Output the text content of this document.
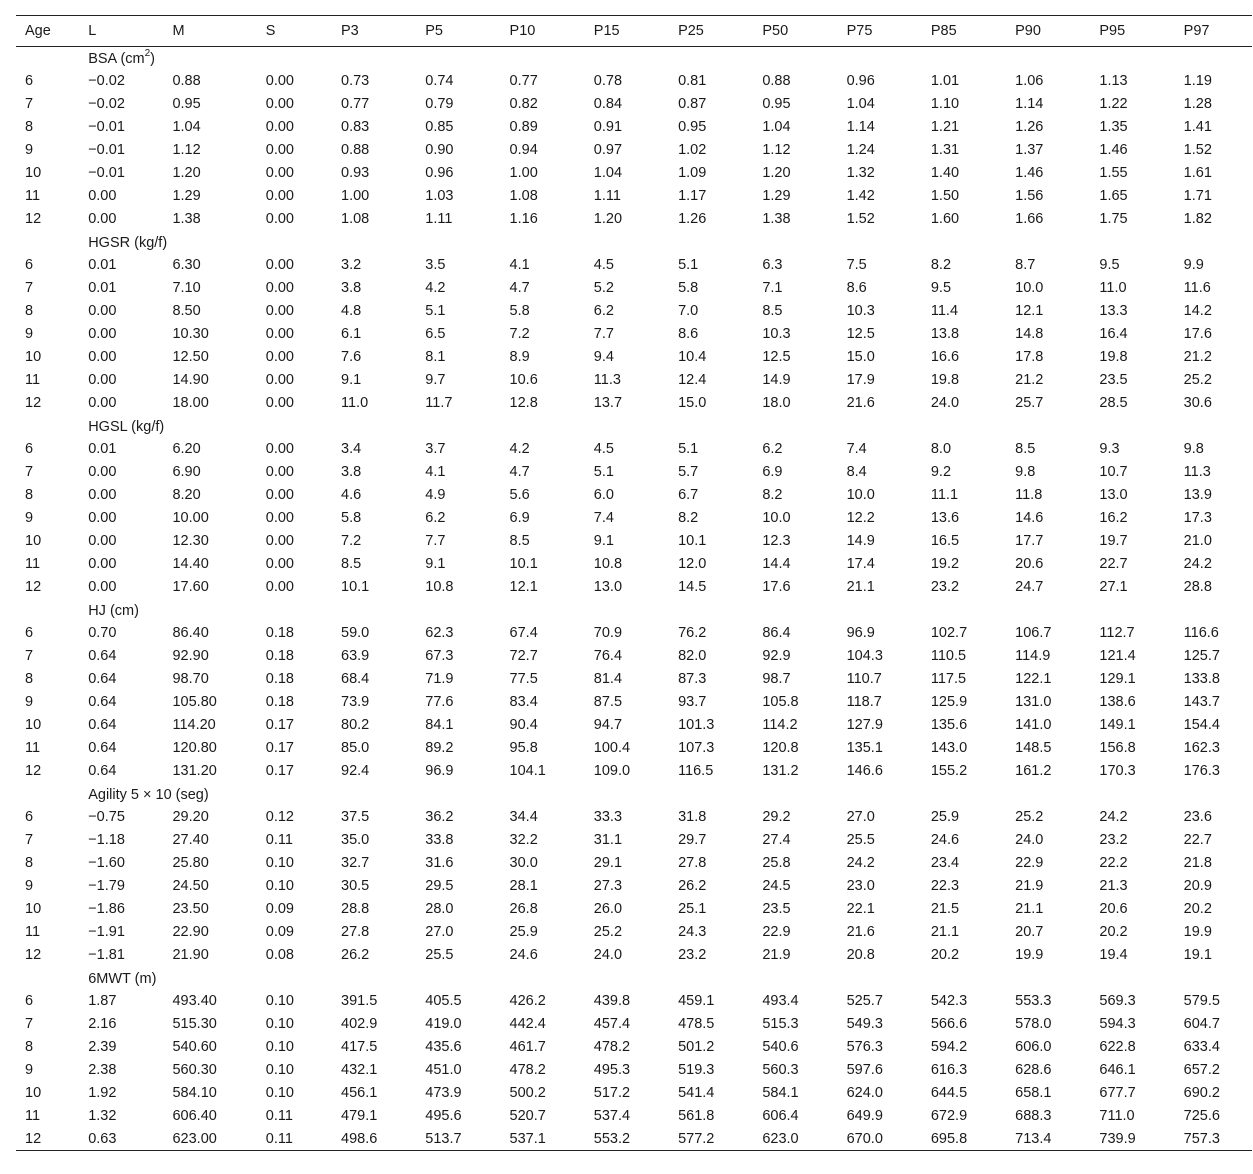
Age	L	M	S	P3	P5	P10	P15	P25	P50	P75	P85	P90	P95	P97
	BSA $(cm^2)$													
6	−0.02	0.88	0.00	0.73	0.74	0.77	0.78	0.81	0.88	0.96	1.01	1.06	1.13	1.19
7	−0.02	0.95	0.00	0.77	0.79	0.82	0.84	0.87	0.95	1.04	1.10	1.14	1.22	1.28
8	−0.01	1.04	0.00	0.83	0.85	0.89	0.91	0.95	1.04	1.14	1.21	1.26	1.35	1.41
9	−0.01	1.12	0.00	0.88	0.90	0.94	0.97	1.02	1.12	1.24	1.31	1.37	1.46	1.52
10	−0.01	1.20	0.00	0.93	0.96	1.00	1.04	1.09	1.20	1.32	1.40	1.46	1.55	1.61
11	0.00	1.29	0.00	1.00	1.03	1.08	1.11	1.17	1.29	1.42	1.50	1.56	1.65	1.71
12	0.00	1.38	0.00	1.08	1.11	1.16	1.20	1.26	1.38	1.52	1.60	1.66	1.75	1.82
	HGSR (kg/f)													
6	0.01	6.30	0.00	3.2	3.5	4.1	4.5	5.1	6.3	7.5	8.2	8.7	9.5	9.9
7	0.01	7.10	0.00	3.8	4.2	4.7	5.2	5.8	7.1	8.6	9.5	10.0	11.0	11.6
8	0.00	8.50	0.00	4.8	5.1	5.8	6.2	7.0	8.5	10.3	11.4	12.1	13.3	14.2
9	0.00	10.30	0.00	6.1	6.5	7.2	7.7	8.6	10.3	12.5	13.8	14.8	16.4	17.6
10	0.00	12.50	0.00	7.6	8.1	8.9	9.4	10.4	12.5	15.0	16.6	17.8	19.8	21.2
11	0.00	14.90	0.00	9.1	9.7	10.6	11.3	12.4	14.9	17.9	19.8	21.2	23.5	25.2
12	0.00	18.00	0.00	11.0	11.7	12.8	13.7	15.0	18.0	21.6	24.0	25.7	28.5	30.6
	HGSL (kg/f)													
6	0.01	6.20	0.00	3.4	3.7	4.2	4.5	5.1	6.2	7.4	8.0	8.5	9.3	9.8
7	0.00	6.90	0.00	3.8	4.1	4.7	5.1	5.7	6.9	8.4	9.2	9.8	10.7	11.3
8	0.00	8.20	0.00	4.6	4.9	5.6	6.0	6.7	8.2	10.0	11.1	11.8	13.0	13.9
9	0.00	10.00	0.00	5.8	6.2	6.9	7.4	8.2	10.0	12.2	13.6	14.6	16.2	17.3
10	0.00	12.30	0.00	7.2	7.7	8.5	9.1	10.1	12.3	14.9	16.5	17.7	19.7	21.0
11	0.00	14.40	0.00	8.5	9.1	10.1	10.8	12.0	14.4	17.4	19.2	20.6	22.7	24.2
12	0.00	17.60	0.00	10.1	10.8	12.1	13.0	14.5	17.6	21.1	23.2	24.7	27.1	28.8
	HJ (cm)													
6	0.70	86.40	0.18	59.0	62.3	67.4	70.9	76.2	86.4	96.9	102.7	106.7	112.7	116.6
7	0.64	92.90	0.18	63.9	67.3	72.7	76.4	82.0	92.9	104.3	110.5	114.9	121.4	125.7
8	0.64	98.70	0.18	68.4	71.9	77.5	81.4	87.3	98.7	110.7	117.5	122.1	129.1	133.8
9	0.64	105.80	0.18	73.9	77.6	83.4	87.5	93.7	105.8	118.7	125.9	131.0	138.6	143.7
10	0.64	114.20	0.17	80.2	84.1	90.4	94.7	101.3	114.2	127.9	135.6	141.0	149.1	154.4
11	0.64	120.80	0.17	85.0	89.2	95.8	100.4	107.3	120.8	135.1	143.0	148.5	156.8	162.3
12	0.64	131.20	0.17	92.4	96.9	104.1	109.0	116.5	131.2	146.6	155.2	161.2	170.3	176.3
	Agility 5 × 10 (seg)													
6	−0.75	29.20	0.12	37.5	36.2	34.4	33.3	31.8	29.2	27.0	25.9	25.2	24.2	23.6
7	−1.18	27.40	0.11	35.0	33.8	32.2	31.1	29.7	27.4	25.5	24.6	24.0	23.2	22.7
8	−1.60	25.80	0.10	32.7	31.6	30.0	29.1	27.8	25.8	24.2	23.4	22.9	22.2	21.8
9	−1.79	24.50	0.10	30.5	29.5	28.1	27.3	26.2	24.5	23.0	22.3	21.9	21.3	20.9
10	−1.86	23.50	0.09	28.8	28.0	26.8	26.0	25.1	23.5	22.1	21.5	21.1	20.6	20.2
11	−1.91	22.90	0.09	27.8	27.0	25.9	25.2	24.3	22.9	21.6	21.1	20.7	20.2	19.9
12	−1.81	21.90	0.08	26.2	25.5	24.6	24.0	23.2	21.9	20.8	20.2	19.9	19.4	19.1
	6MWT (m)													
6	1.87	493.40	0.10	391.5	405.5	426.2	439.8	459.1	493.4	525.7	542.3	553.3	569.3	579.5
7	2.16	515.30	0.10	402.9	419.0	442.4	457.4	478.5	515.3	549.3	566.6	578.0	594.3	604.7
8	2.39	540.60	0.10	417.5	435.6	461.7	478.2	501.2	540.6	576.3	594.2	606.0	622.8	633.4
9	2.38	560.30	0.10	432.1	451.0	478.2	495.3	519.3	560.3	597.6	616.3	628.6	646.1	657.2
10	1.92	584.10	0.10	456.1	473.9	500.2	517.2	541.4	584.1	624.0	644.5	658.1	677.7	690.2
11	1.32	606.40	0.11	479.1	495.6	520.7	537.4	561.8	606.4	649.9	672.9	688.3	711.0	725.6
12	0.63	623.00	0.11	498.6	513.7	537.1	553.2	577.2	623.0	670.0	695.8	713.4	739.9	757.3
